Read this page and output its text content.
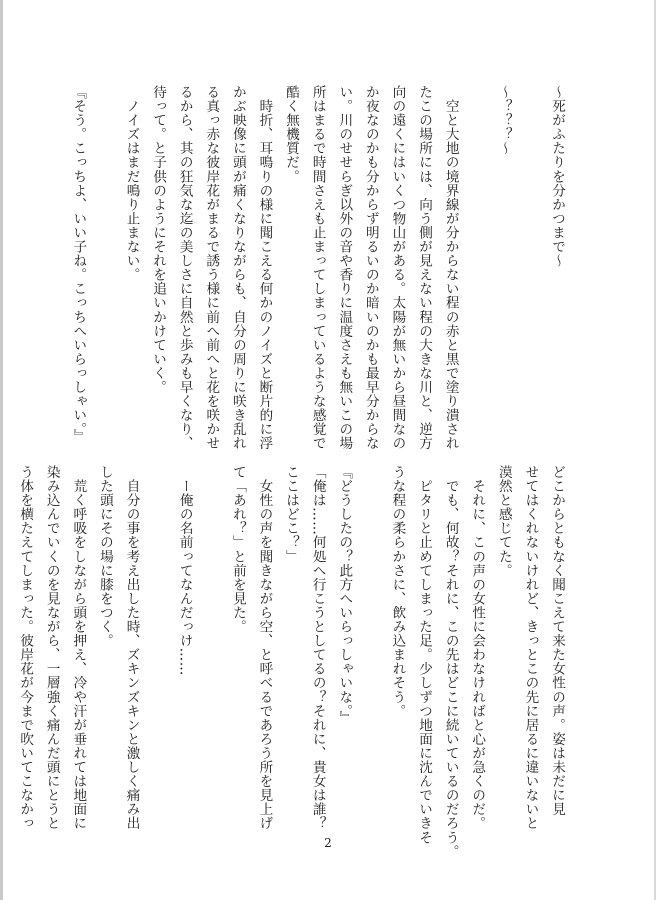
～死がふたりを分かつまで～

～？？？～

　空と大地の境界線が分からない程の赤と黒で塗り潰され
たこの場所には、向う側が見えない程の大きな川と、逆方
向の遠くにはいくつ物山がある。太陽が無いから昼間なの
か夜なのかも分からず明るいのか暗いのかも最早分からな
い。川のせせらぎ以外の音や香りに温度さえも無いこの場
所はまるで時間さえも止まってしまっているような感覚で
酷く無機質だ。
　時折、耳鳴りの様に聞こえる何かのノイズと断片的に浮
かぶ映像に頭が痛くなりながらも、自分の周りに咲き乱れ
る真っ赤な彼岸花がまるで誘う様に前へ前へと花を咲かせ
るから、其の狂気な迄の美しさに自然と歩みも早くなり、
待って。と子供のようにそれを追いかけていく。
　ノイズはまだ鳴り止まない。

『そう。こっちよ、いい子ね。こっちへいらっしゃい。』
どこからともなく聞こえて来た女性の声。姿は未だに見
せてはくれないけれど、きっとこの先に居るに違いないと
漠然と感じてた。
　それに、この声の女性に会わなければと心が急くのだ。
　でも、何故？それに、この先はどこに続いているのだろう。
　ピタリと止めてしまった足。少しずつ地面に沈んでいきそ
うな程の柔らかさに、飲み込まれそう。

『どうしたの？此方へいらっしゃいな。』
「俺は……何処へ行こうとしてるの？それに、貴女は誰？
ここはどこ？」
　女性の声を聞きながら空、と呼べるであろう所を見上げ
て「あれ？」と前を見た。

　ー俺の名前ってなんだっけ……

　自分の事を考え出した時、ズキンズキンと激しく痛み出
した頭にその場に膝をつく。
　荒く呼吸をしながら頭を押え、冷や汗が垂れては地面に
染み込んでいくのを見ながら、一層強く痛んだ頭にとうと
う体を横たえてしまった。彼岸花が今まで吹いてこなかっ
2
